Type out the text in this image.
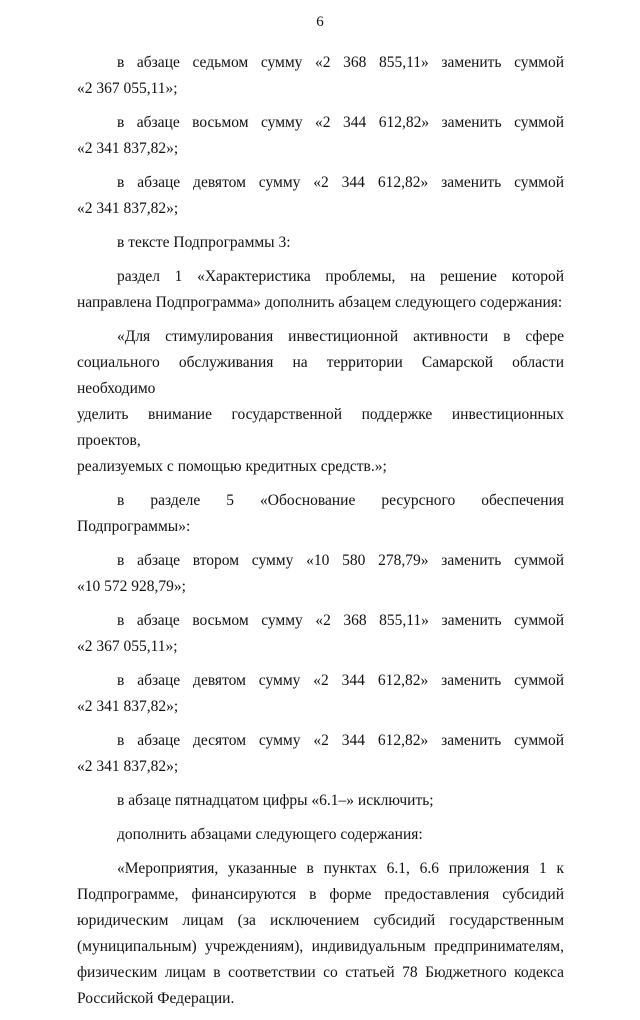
6
в абзаце седьмом сумму «2 368 855,11» заменить суммой
«2 367 055,11»;
в абзаце восьмом сумму «2 344 612,82» заменить суммой
«2 341 837,82»;
в абзаце девятом сумму «2 344 612,82» заменить суммой
«2 341 837,82»;
в тексте Подпрограммы 3:
раздел 1 «Характеристика проблемы, на решение которой
направлена Подпрограмма» дополнить абзацем следующего содержания:
«Для стимулирования инвестиционной активности в сфере
социального обслуживания на территории Самарской области необходимо
уделить внимание государственной поддержке инвестиционных проектов,
реализуемых с помощью кредитных средств.»;
в разделе 5 «Обоснование ресурсного обеспечения Подпрограммы»:
в абзаце втором сумму «10 580 278,79» заменить суммой
«10 572 928,79»;
в абзаце восьмом сумму «2 368 855,11» заменить суммой
«2 367 055,11»;
в абзаце девятом сумму «2 344 612,82» заменить суммой
«2 341 837,82»;
в абзаце десятом сумму «2 344 612,82» заменить суммой
«2 341 837,82»;
в абзаце пятнадцатом цифры «6.1–» исключить;
дополнить абзацами следующего содержания:
«Мероприятия, указанные в пунктах 6.1, 6.6 приложения 1 к
Подпрограмме, финансируются в форме предоставления субсидий
юридическим лицам (за исключением субсидий государственным
(муниципальным) учреждениям), индивидуальным предпринимателям,
физическим лицам в соответствии со статьей 78 Бюджетного кодекса
Российской Федерации.
